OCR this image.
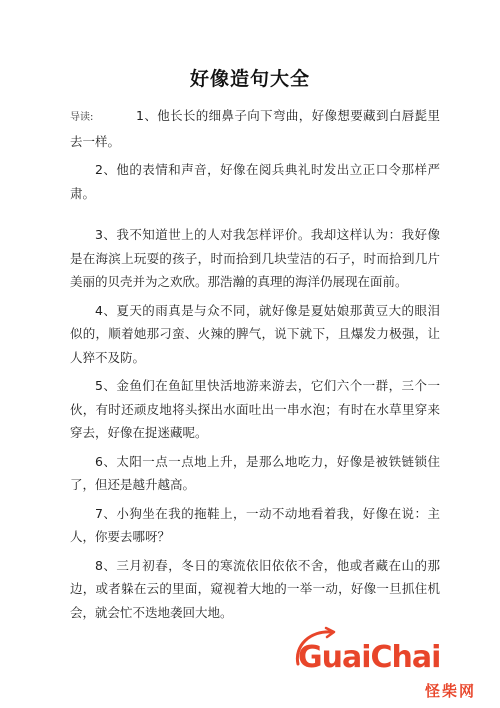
好像造句大全

导读:	1、他长长的细鼻子向下弯曲，好像想要藏到白唇髭里去一样。

2、他的表情和声音，好像在阅兵典礼时发出立正口令那样严肃。

3、我不知道世上的人对我怎样评价。我却这样认为：我好像是在海滨上玩耍的孩子，时而拾到几块莹洁的石子，时而拾到几片美丽的贝壳并为之欢欣。那浩瀚的真理的海洋仍展现在面前。

4、夏天的雨真是与众不同，就好像是夏姑娘那黄豆大的眼泪似的，顺着她那刁蛮、火辣的脾气，说下就下，且爆发力极强，让人猝不及防。

5、金鱼们在鱼缸里快活地游来游去，它们六个一群，三个一伙，有时还顽皮地将头探出水面吐出一串水泡；有时在水草里穿来穿去，好像在捉迷藏呢。

6、太阳一点一点地上升，是那么地吃力，好像是被铁链锁住了，但还是越升越高。

7、小狗坐在我的拖鞋上，一动不动地看着我，好像在说：主人，你要去哪呀？

8、三月初春，冬日的寒流依旧依依不舍，他或者藏在山的那边，或者躲在云的里面，窥视着大地的一举一动，好像一旦抓住机会，就会忙不迭地袭回大地。

GuaiChai
怪柴网
